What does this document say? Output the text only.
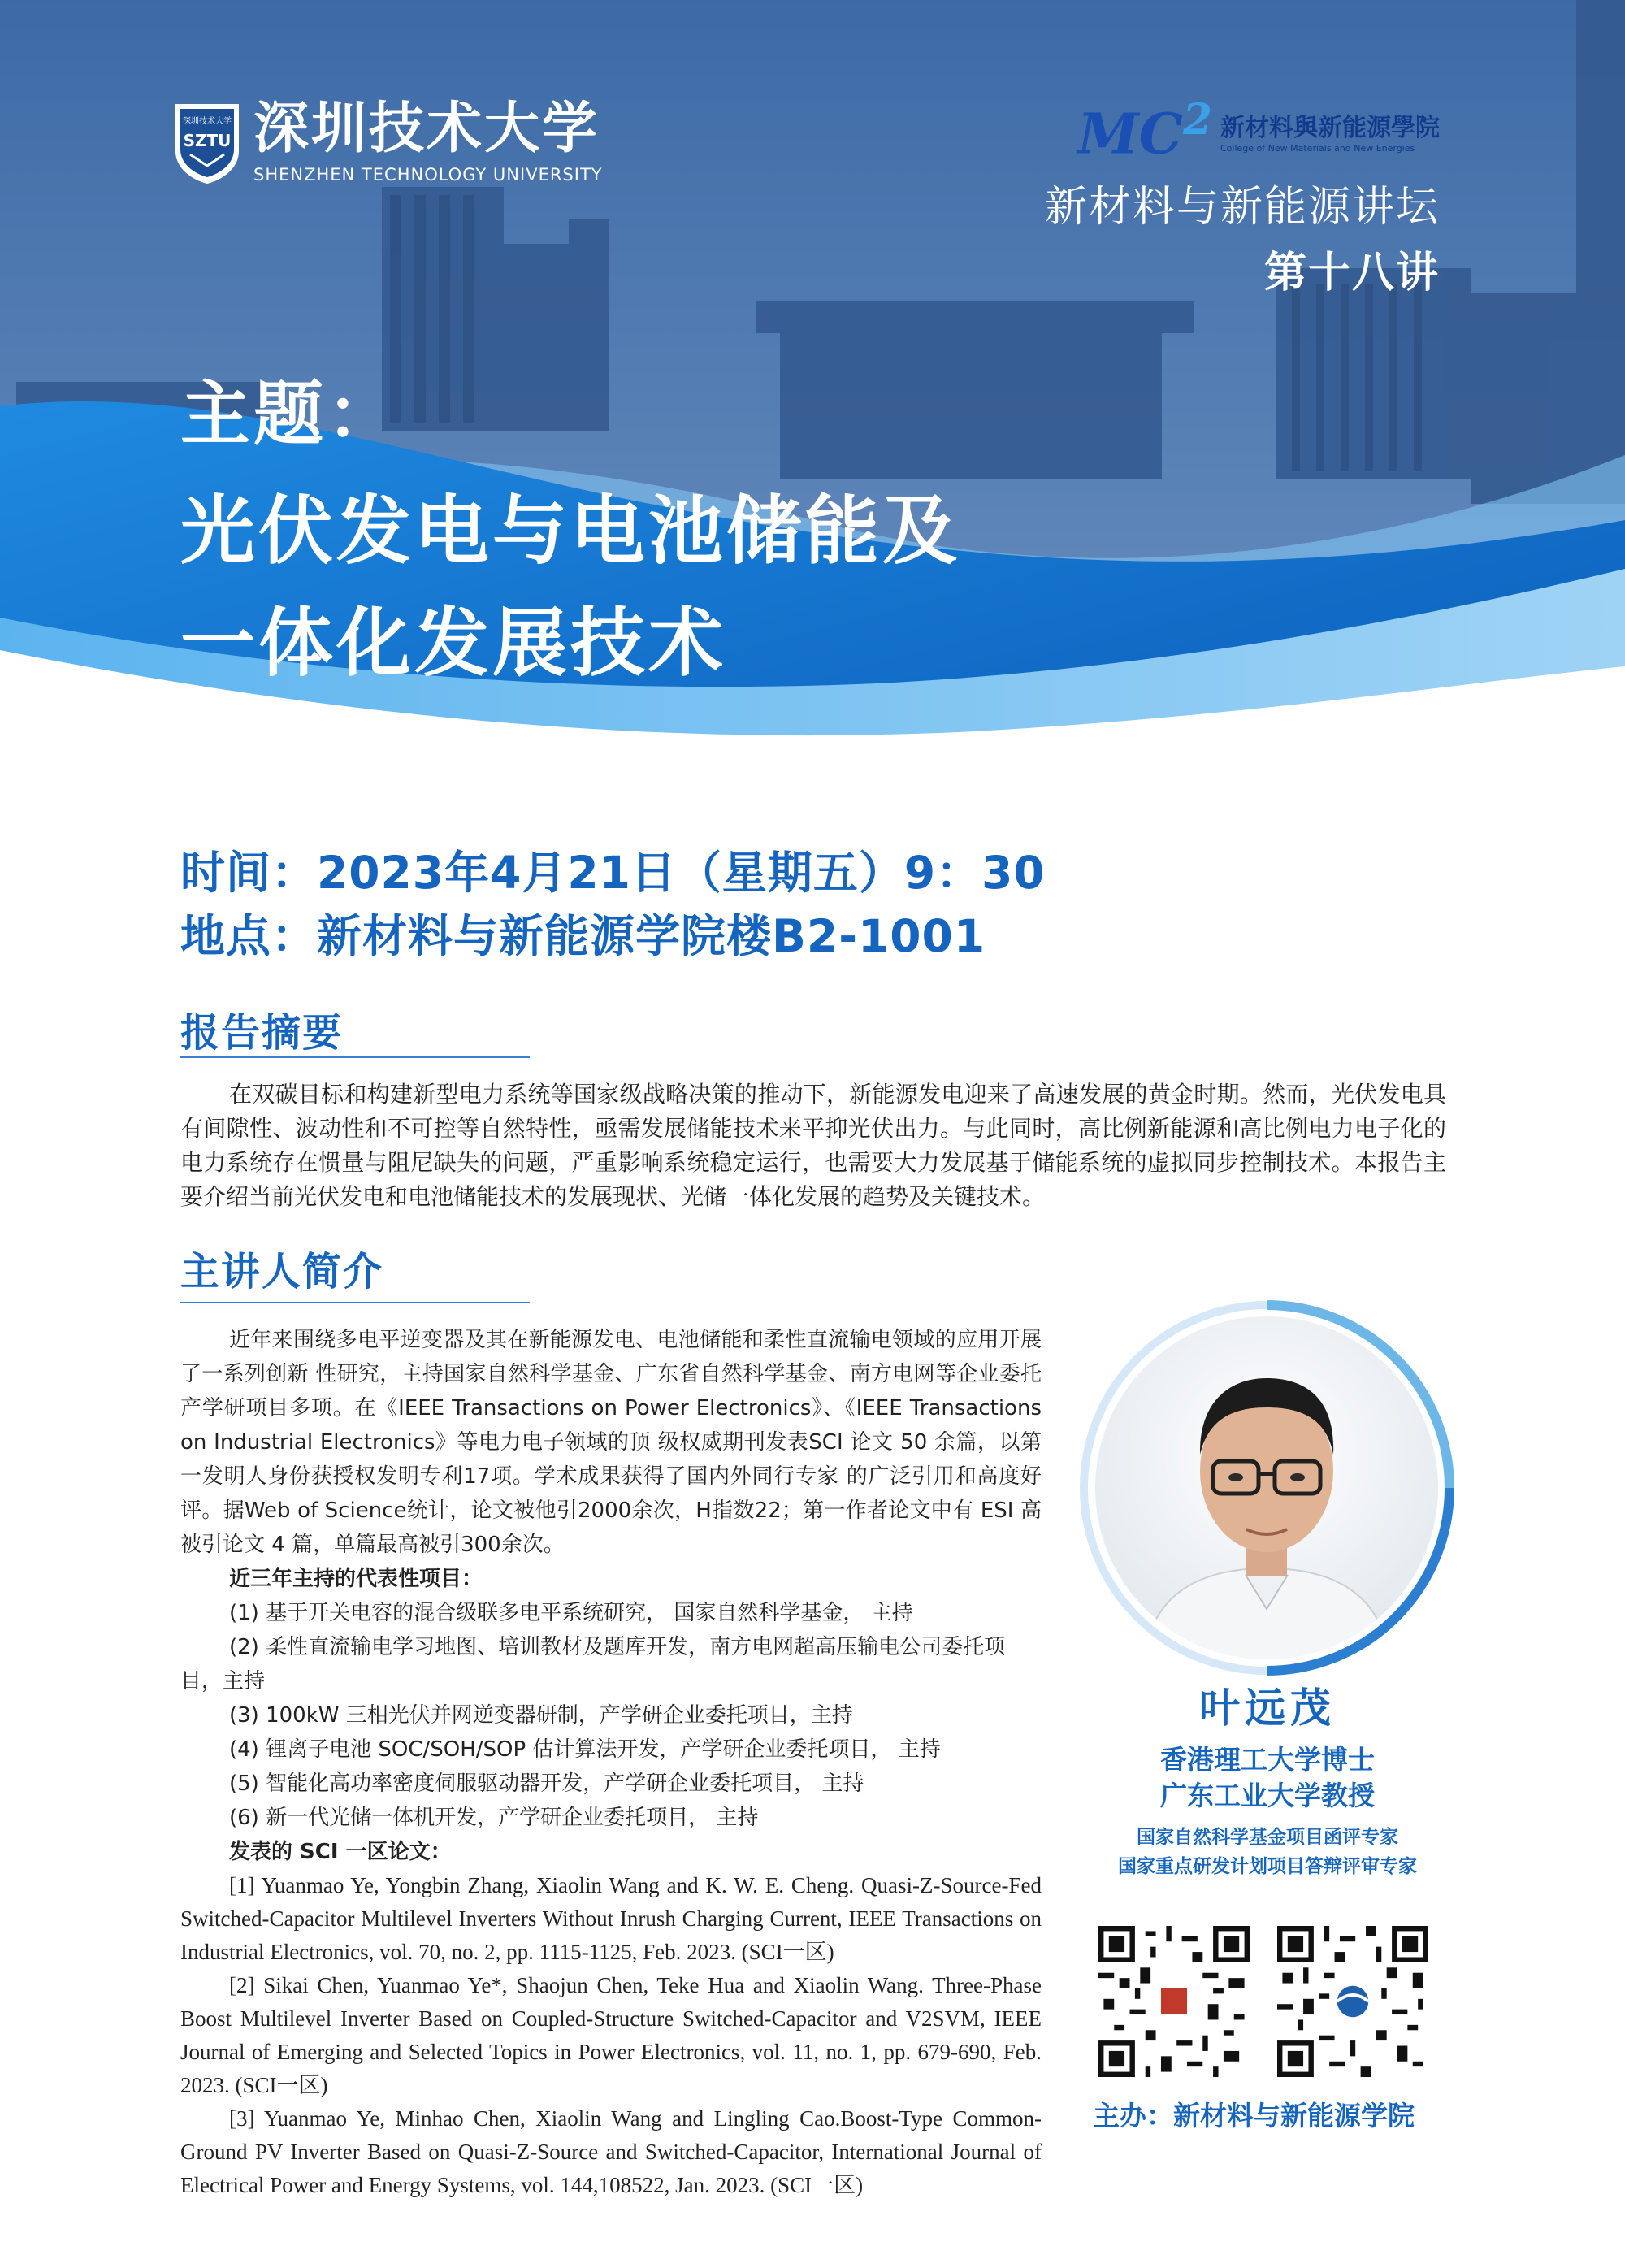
深圳技术大学
SZTU 深圳技术大学
SHENZHEN TECHNOLOGY UNIVERSITY
$MC^2$ 新材料與新能源學院
College of New Materials and New Energies
新材料与新能源讲坛
第十八讲
主题：
光伏发电与电池储能及
一体化发展技术
时间：2023年4月21日（星期五）9：30
地点：新材料与新能源学院楼B2-1001
报告摘要
在双碳目标和构建新型电力系统等国家级战略决策的推动下，新能源发电迎来了高速发展的黄金时期。然而，光伏发电具有间隙性、波动性和不可控等自然特性，亟需发展储能技术来平抑光伏出力。与此同时，高比例新能源和高比例电力电子化的电力系统存在惯量与阻尼缺失的问题，严重影响系统稳定运行，也需要大力发展基于储能系统的虚拟同步控制技术。本报告主要介绍当前光伏发电和电池储能技术的发展现状、光储一体化发展的趋势及关键技术。
主讲人简介

近年来围绕多电平逆变器及其在新能源发电、电池储能和柔性直流输电领域的应用开展了一系列创新 性研究，主持国家自然科学基金、广东省自然科学基金、南方电网等企业委托产学研项目多项。在《IEEE Transactions on Power Electronics》、《IEEE Transactions on Industrial Electronics》等电力电子领域的顶 级权威期刊发表SCI 论文 50 余篇，以第一发明人身份获授权发明专利17项。学术成果获得了国内外同行专家 的广泛引用和高度好评。据Web of Science统计，论文被他引2000余次，H指数22；第一作者论文中有 ESI 高被引论文 4 篇，单篇最高被引300余次。

近三年主持的代表性项目：

(1) 基于开关电容的混合级联多电平系统研究， 国家自然科学基金， 主持

(2) 柔性直流输电学习地图、培训教材及题库开发，南方电网超高压输电公司委托项目，主持

(3) 100kW 三相光伏并网逆变器研制，产学研企业委托项目，主持

(4) 锂离子电池 SOC/SOH/SOP 估计算法开发，产学研企业委托项目， 主持

(5) 智能化高功率密度伺服驱动器开发，产学研企业委托项目， 主持

(6) 新一代光储一体机开发，产学研企业委托项目， 主持

发表的 SCI 一区论文：

[1] Yuanmao Ye, Yongbin Zhang, Xiaolin Wang and K. W. E. Cheng. Quasi-Z-Source-Fed Switched-Capacitor Multilevel Inverters Without Inrush Charging Current, IEEE Transactions on Industrial Electronics, vol. 70, no. 2, pp. 1115-1125, Feb. 2023. (SCI一区)

[2] Sikai Chen, Yuanmao Ye*, Shaojun Chen, Teke Hua and Xiaolin Wang. Three-Phase Boost Multilevel Inverter Based on Coupled-Structure Switched-Capacitor and V2SVM, IEEE Journal of Emerging and Selected Topics in Power Electronics, vol. 11, no. 1, pp. 679-690, Feb. 2023. (SCI一区)

[3] Yuanmao Ye, Minhao Chen, Xiaolin Wang and Lingling Cao.Boost-Type Common-Ground PV Inverter Based on Quasi-Z-Source and Switched-Capacitor, International Journal of Electrical Power and Energy Systems, vol. 144,108522, Jan. 2023. (SCI一区)

叶远茂
香港理工大学博士
广东工业大学教授
国家自然科学基金项目函评专家
国家重点研发计划项目答辩评审专家
主办：新材料与新能源学院
